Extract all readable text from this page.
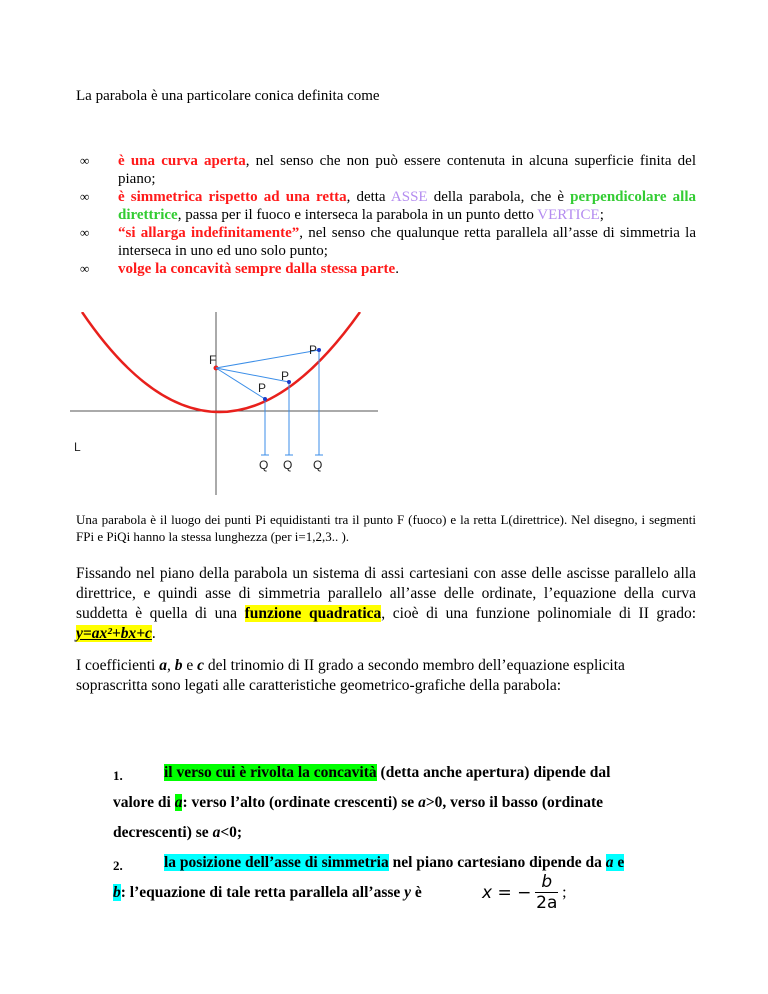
La parabola è una particolare conica definita come
∞ è una curva aperta, nel senso che non può essere contenuta in alcuna superficie finita del piano;
∞ è simmetrica rispetto ad una retta, detta ASSE della parabola, che è perpendicolare alla direttrice, passa per il fuoco e interseca la parabola in un punto detto VERTICE;
∞ “si allarga indefinitamente”, nel senso che qualunque retta parallela all’asse di simmetria la interseca in uno ed uno solo punto;
∞ volge la concavità sempre dalla stessa parte.
F
L
P
P
P
Q Q Q
Una parabola è il luogo dei punti Pi equidistanti tra il punto F (fuoco) e la retta L(direttrice). Nel disegno, i segmenti FPi e PiQi hanno la stessa lunghezza (per i=1,2,3.. ).
Fissando nel piano della parabola un sistema di assi cartesiani con asse delle ascisse parallelo alla direttrice, e quindi asse di simmetria parallelo all’asse delle ordinate, l’equazione della curva suddetta è quella di una funzione quadratica, cioè di una funzione polinomiale di II grado: y=ax²+bx+c.
I coefficienti a, b e c del trinomio di II grado a secondo membro dell’equazione esplicita soprascritta sono legati alle caratteristiche geometrico-grafiche della parabola:
1.	il verso cui è rivolta la concavità (detta anche apertura) dipende dal
valore di a: verso l’alto (ordinate crescenti) se a>0, verso il basso (ordinate
decrescenti) se a<0;
2.	la posizione dell’asse di simmetria nel piano cartesiano dipende da a e
b: l’equazione di tale retta parallela all’asse y è	x = − $\frac{b}{2a}$ ;
